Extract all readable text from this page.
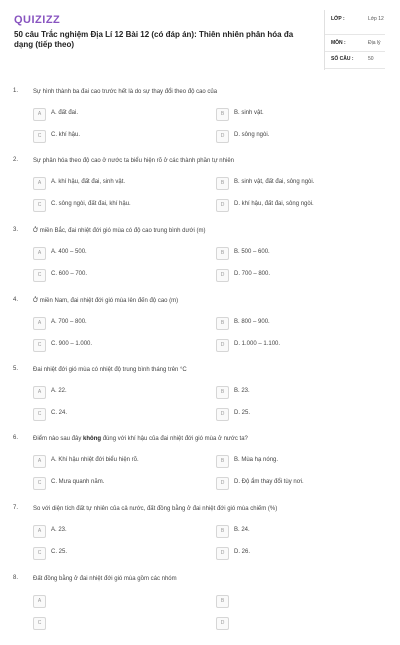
QUIZIZZ
50 câu Trắc nghiệm Địa Lí 12 Bài 12 (có đáp án): Thiên nhiên phân hóa đa dạng (tiếp theo)
LỚP :	Lớp 12
MÔN :	Địa lý
SỐ CÂU :	50
1. Sự hình thành ba đai cao trước hết là do sự thay đổi theo độ cao của
A	A. đất đai.	B	B. sinh vật.
C	C. khí hậu.	D	D. sông ngòi.
2. Sự phân hóa theo độ cao ở nước ta biểu hiện rõ ở các thành phần tự nhiên
A	A. khí hậu, đất đai, sinh vật.	B	B. sinh vật, đất đai, sông ngòi.
C	C. sông ngòi, đất đai, khí hậu.	D	D. khí hậu, đất đai, sông ngòi.
3. Ở miền Bắc, đai nhiệt đới gió mùa có độ cao trung bình dưới (m)
A	A. 400 – 500.	B	B. 500 – 600.
C	C. 600 – 700.	D	D. 700 – 800.
4. Ở miền Nam, đai nhiệt đới gió mùa lên đến độ cao (m)
A	A. 700 – 800.	B	B. 800 – 900.
C	C. 900 – 1.000.	D	D. 1.000 – 1.100.
5. Đai nhiệt đới gió mùa có nhiệt độ trung bình tháng trên °C
A	A. 22.	B	B. 23.
C	C. 24.	D	D. 25.
6. Điểm nào sau đây không đúng với khí hậu của đai nhiệt đới gió mùa ở nước ta?
A	A. Khí hậu nhiệt đới biểu hiện rõ.	B	B. Mùa hạ nóng.
C	C. Mưa quanh năm.	D	D. Độ ẩm thay đổi tùy nơi.
7. So với diện tích đất tự nhiên của cả nước, đất đồng bằng ở đai nhiệt đới gió mùa chiếm (%)
A	A. 23.	B	B. 24.
C	C. 25.	D	D. 26.
8. Đất đồng bằng ở đai nhiệt đới gió mùa gồm các nhóm
A	B
C	D
